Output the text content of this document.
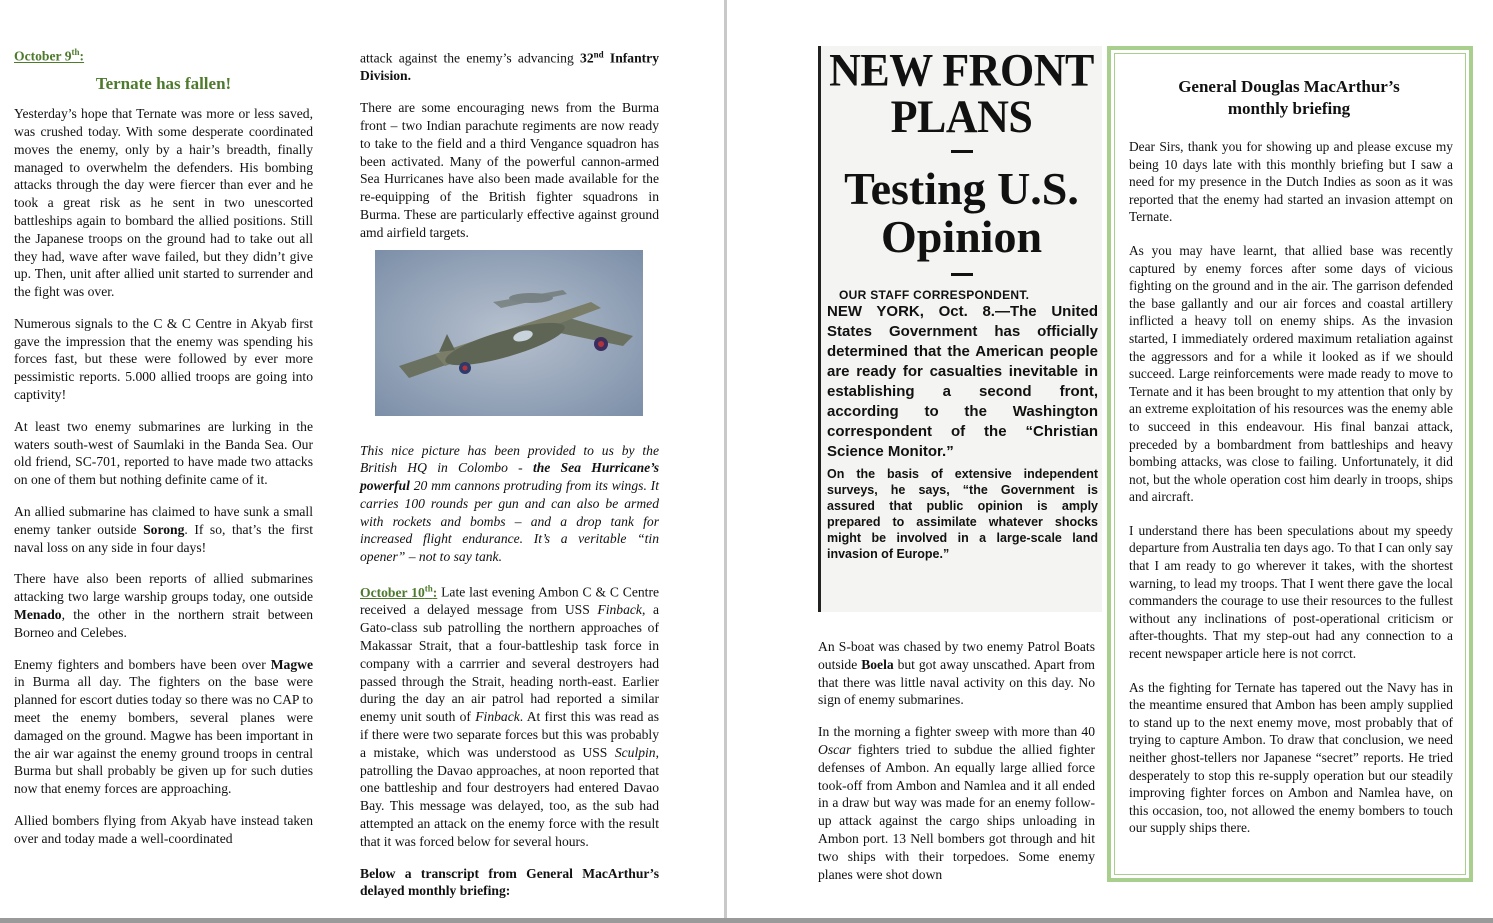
October 9th:
Ternate has fallen!

Yesterday’s hope that Ternate was more or less saved, was crushed today. With some desperate coordinated moves the enemy, only by a hair’s breadth, finally managed to overwhelm the defenders. His bombing attacks through the day were fiercer than ever and he took a great risk as he sent in two unescorted battleships again to bombard the allied positions. Still the Japanese troops on the ground had to take out all they had, wave after wave failed, but they didn’t give up. Then, unit after allied unit started to surrender and the fight was over.

Numerous signals to the C & C Centre in Akyab first gave the impression that the enemy was spending his forces fast, but these were followed by ever more pessimistic reports. 5.000 allied troops are going into captivity!

At least two enemy submarines are lurking in the waters south-west of Saumlaki in the Banda Sea. Our old friend, SC-701, reported to have made two attacks on one of them but nothing definite came of it.

An allied submarine has claimed to have sunk a small enemy tanker outside Sorong. If so, that’s the first naval loss on any side in four days!

There have also been reports of allied submarines attacking two large warship groups today, one outside Menado, the other in the northern strait between Borneo and Celebes.

Enemy fighters and bombers have been over Magwe in Burma all day. The fighters on the base were planned for escort duties today so there was no CAP to meet the enemy bombers, several planes were damaged on the ground. Magwe has been important in the air war against the enemy ground troops in central Burma but shall probably be given up for such duties now that enemy forces are approaching.

Allied bombers flying from Akyab have instead taken over and today made a well-coordinated

attack against the enemy’s advancing 32nd Infantry Division.

There are some encouraging news from the Burma front – two Indian parachute regiments are now ready to take to the field and a third Vengance squadron has been activated. Many of the powerful cannon-armed Sea Hurricanes have also been made available for the re-equipping of the British fighter squadrons in Burma. These are particularly effective against ground amd airfield targets.

This nice picture has been provided to us by the British HQ in Colombo - the Sea Hurricane’s powerful 20 mm cannons protruding from its wings. It carries 100 rounds per gun and can also be armed with rockets and bombs – and a drop tank for increased flight endurance. It’s a veritable “tin opener” – not to say tank.

October 10th: Late last evening Ambon C & C Centre received a delayed message from USS Finback, a Gato-class sub patrolling the northern approaches of Makassar Strait, that a four-battleship task force in company with a carrrier and several destroyers had passed through the Strait, heading north-east. Earlier during the day an air patrol had reported a similar enemy unit south of Finback. At first this was read as if there were two separate forces but this was probably a mistake, which was understood as USS Sculpin, patrolling the Davao approaches, at noon reported that one battleship and four destroyers had entered Davao Bay. This message was delayed, too, as the sub had attempted an attack on the enemy force with the result that it was forced below for several hours.

Below a transcript from General MacArthur’s delayed monthly briefing:

NEW FRONT PLANS
Testing U.S. Opinion
OUR STAFF CORRESPONDENT.
NEW YORK, Oct. 8.—The United States Government has officially determined that the American people are ready for casualties inevitable in establishing a second front, according to the Washington correspondent of the “Christian Science Monitor.”
On the basis of extensive independent surveys, he says, “the Government is assured that public opinion is amply prepared to assimilate whatever shocks might be involved in a large-scale land invasion of Europe.”

An S-boat was chased by two enemy Patrol Boats outside Boela but got away unscathed. Apart from that there was little naval activity on this day. No sign of enemy submarines.

In the morning a fighter sweep with more than 40 Oscar fighters tried to subdue the allied fighter defenses of Ambon. An equally large allied force took-off from Ambon and Namlea and it all ended in a draw but way was made for an enemy follow-up attack against the cargo ships unloading in Ambon port. 13 Nell bombers got through and hit two ships with their torpedoes. Some enemy planes were shot down

General Douglas MacArthur’s
monthly briefing

Dear Sirs, thank you for showing up and please excuse my being 10 days late with this monthly briefing but I saw a need for my presence in the Dutch Indies as soon as it was reported that the enemy had started an invasion attempt on Ternate.

As you may have learnt, that allied base was recently captured by enemy forces after some days of vicious fighting on the ground and in the air. The garrison defended the base gallantly and our air forces and coastal artillery inflicted a heavy toll on enemy ships. As the invasion started, I immediately ordered maximum retaliation against the aggressors and for a while it looked as if we should succeed. Large reinforcements were made ready to move to Ternate and it has been brought to my attention that only by an extreme exploitation of his resources was the enemy able to succeed in this endeavour. His final banzai attack, preceded by a bombardment from battleships and heavy bombing attacks, was close to failing. Unfortunately, it did not, but the whole operation cost him dearly in troops, ships and aircraft.

I understand there has been speculations about my speedy departure from Australia ten days ago. To that I can only say that I am ready to go wherever it takes, with the shortest warning, to lead my troops. That I went there gave the local commanders the courage to use their resources to the fullest without any inclinations of post-operational criticism or after-thoughts. That my step-out had any connection to a recent newspaper article here is not corrct.

As the fighting for Ternate has tapered out the Navy has in the meantime ensured that Ambon has been amply supplied to stand up to the next enemy move, most probably that of trying to capture Ambon. To draw that conclusion, we need neither ghost-tellers nor Japanese “secret” reports. He tried desperately to stop this re-supply operation but our steadily improving fighter forces on Ambon and Namlea have, on this occasion, too, not allowed the enemy bombers to touch our supply ships there.
